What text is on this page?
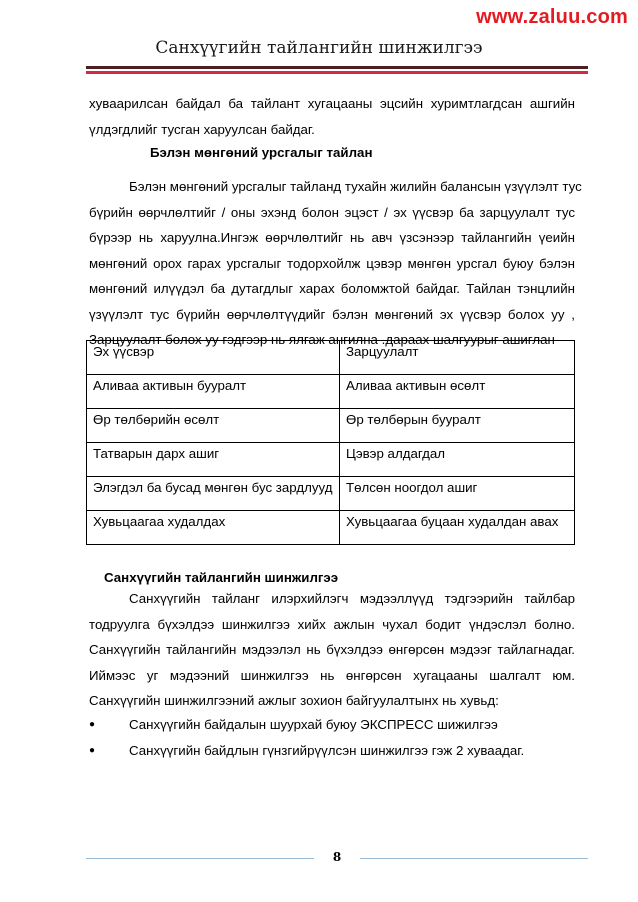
www.zaluu.com
Санхүүгийн тайлангийн шинжилгээ
хуваарилсан байдал ба тайлант хугацааны эцсийн хуримтлагдсан ашгийн
үлдэгдлийг тусган харуулсан байдаг.
Бэлэн мөнгөний урсгалыг тайлан
Бэлэн мөнгөний урсгалыг тайланд тухайн жилийн балансын үзүүлэлт тус
бүрийн өөрчлөлтийг / оны эхэнд болон эцэст / эх үүсвэр ба зарцуулалт тус
бүрээр нь харуулна.Ингэж өөрчлөлтийг нь авч үзсэнээр тайлангийн үеийн
мөнгөний орох гарах урсгалыг тодорхойлж цэвэр мөнгөн урсгал буюу бэлэн
мөнгөний илүүдэл ба дутагдлыг харах боломжтой байдаг. Тайлан тэнцлийн
үзүүлэлт тус бүрийн өөрчлөлтүүдийг бэлэн мөнгөний эх үүсвэр болох уу ,
Зарцуулалт болох уу гэдгээр нь ялгаж ангилна .дараах шалгуурыг ашиглан
Эх үүсвэр	Зарцуулалт
Аливаа активын бууралт	Аливаа активын өсөлт
Өр төлбөрийн өсөлт	Өр төлбөрын бууралт
Татварын дарх ашиг	Цэвэр алдагдал
Элэгдэл ба бусад мөнгөн бус зардлууд	Төлсөн ноогдол ашиг
Хувьцаагаа худалдах	Хувьцаагаа буцаан худалдан авах
Санхүүгийн тайлангийн шинжилгээ
Санхүүгийн тайланг илэрхийлэгч мэдээллүүд тэдгээрийн тайлбар
тодруулга бүхэлдээ шинжилгээ хийх ажлын чухал бодит үндэслэл болно.
Санхүүгийн тайлангийн мэдээлэл нь бүхэлдээ өнгөрсөн мэдээг тайлагнадаг.
Иймээс уг мэдээний шинжилгээ нь өнгөрсөн хугацааны шалгалт юм.
Санхүүгийн шинжилгээний ажлыг зохион байгуулалтынх нь хувьд:
●	Санхүүгийн байдалын шуурхай буюу ЭКСПРЕСС шижилгээ
●	Санхүүгийн байдлын гүнзгийрүүлсэн шинжилгээ гэж 2 хуваадаг.
8
